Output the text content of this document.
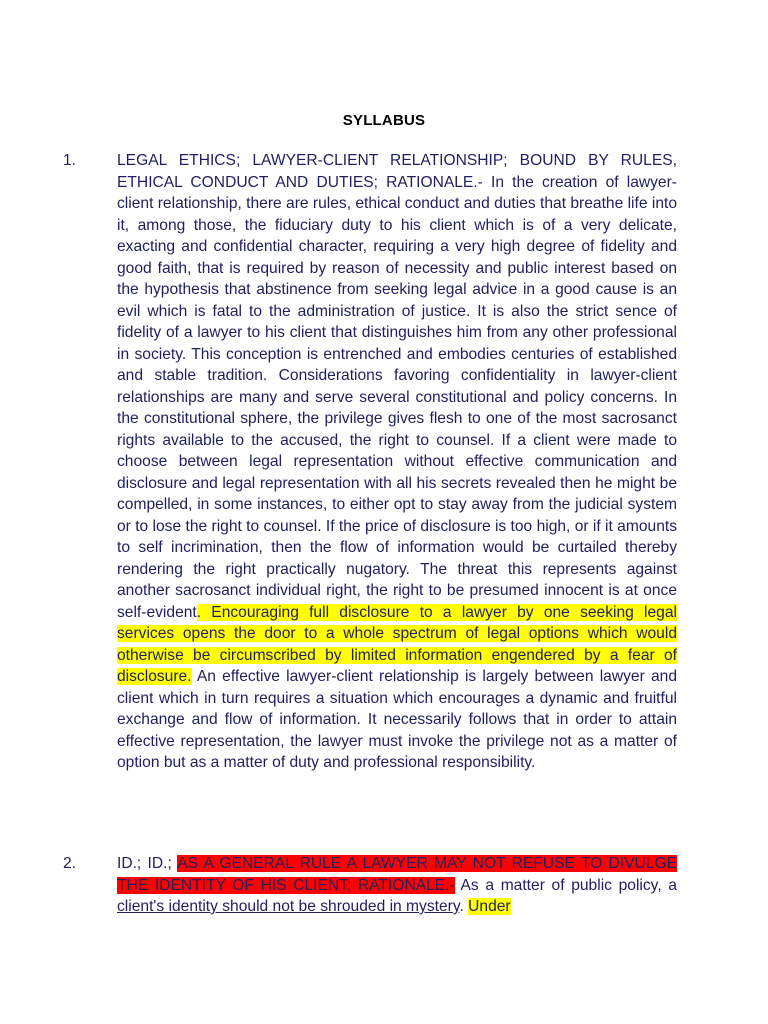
SYLLABUS
1.	LEGAL ETHICS; LAWYER-CLIENT RELATIONSHIP; BOUND BY RULES, ETHICAL CONDUCT AND DUTIES; RATIONALE.- In the creation of lawyer-client relationship, there are rules, ethical conduct and duties that breathe life into it, among those, the fiduciary duty to his client which is of a very delicate, exacting and confidential character, requiring a very high degree of fidelity and good faith, that is required by reason of necessity and public interest based on the hypothesis that abstinence from seeking legal advice in a good cause is an evil which is fatal to the administration of justice. It is also the strict sence of fidelity of a lawyer to his client that distinguishes him from any other professional in society. This conception is entrenched and embodies centuries of established and stable tradition. Considerations favoring confidentiality in lawyer-client relationships are many and serve several constitutional and policy concerns. In the constitutional sphere, the privilege gives flesh to one of the most sacrosanct rights available to the accused, the right to counsel. If a client were made to choose between legal representation without effective communication and disclosure and legal representation with all his secrets revealed then he might be compelled, in some instances, to either opt to stay away from the judicial system or to lose the right to counsel. If the price of disclosure is too high, or if it amounts to self incrimination, then the flow of information would be curtailed thereby rendering the right practically nugatory. The threat this represents against another sacrosanct individual right, the right to be presumed innocent is at once self-evident. Encouraging full disclosure to a lawyer by one seeking legal services opens the door to a whole spectrum of legal options which would otherwise be circumscribed by limited information engendered by a fear of disclosure. An effective lawyer-client relationship is largely between lawyer and client which in turn requires a situation which encourages a dynamic and fruitful exchange and flow of information. It necessarily follows that in order to attain effective representation, the lawyer must invoke the privilege not as a matter of option but as a matter of duty and professional responsibility.
2.	ID.; ID.; AS A GENERAL RULE A LAWYER MAY NOT REFUSE TO DIVULGE THE IDENTITY OF HIS CLIENT; RATIONALE.- As a matter of public policy, a client's identity should not be shrouded in mystery. Under
